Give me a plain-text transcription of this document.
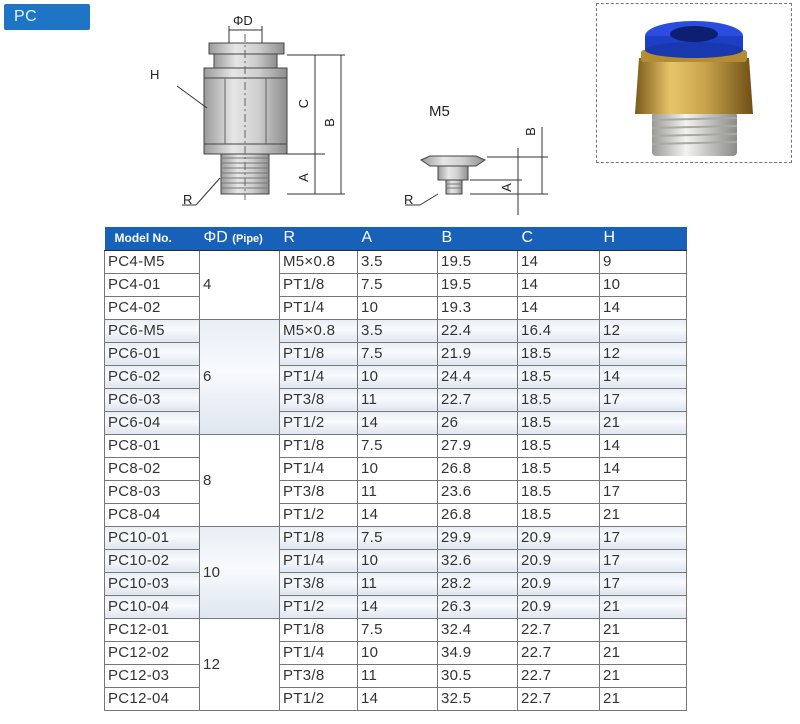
PC	ΦD
H
C
B
A
R
M5
B
A
R
Model No.	ΦD (Pipe)	R	A	B	C	H
PC4-M5	4	M5×0.8	3.5	19.5	14	9
PC4-01		PT1/8	7.5	19.5	14	10
PC4-02		PT1/4	10	19.3	14	14
PC6-M5	6	M5×0.8	3.5	22.4	16.4	12
PC6-01		PT1/8	7.5	21.9	18.5	12
PC6-02		PT1/4	10	24.4	18.5	14
PC6-03		PT3/8	11	22.7	18.5	17
PC6-04		PT1/2	14	26	18.5	21
PC8-01	8	PT1/8	7.5	27.9	18.5	14
PC8-02		PT1/4	10	26.8	18.5	14
PC8-03		PT3/8	11	23.6	18.5	17
PC8-04		PT1/2	14	26.8	18.5	21
PC10-01	10	PT1/8	7.5	29.9	20.9	17
PC10-02		PT1/4	10	32.6	20.9	17
PC10-03		PT3/8	11	28.2	20.9	17
PC10-04		PT1/2	14	26.3	20.9	21
PC12-01	12	PT1/8	7.5	32.4	22.7	21
PC12-02		PT1/4	10	34.9	22.7	21
PC12-03		PT3/8	11	30.5	22.7	21
PC12-04		PT1/2	14	32.5	22.7	21
